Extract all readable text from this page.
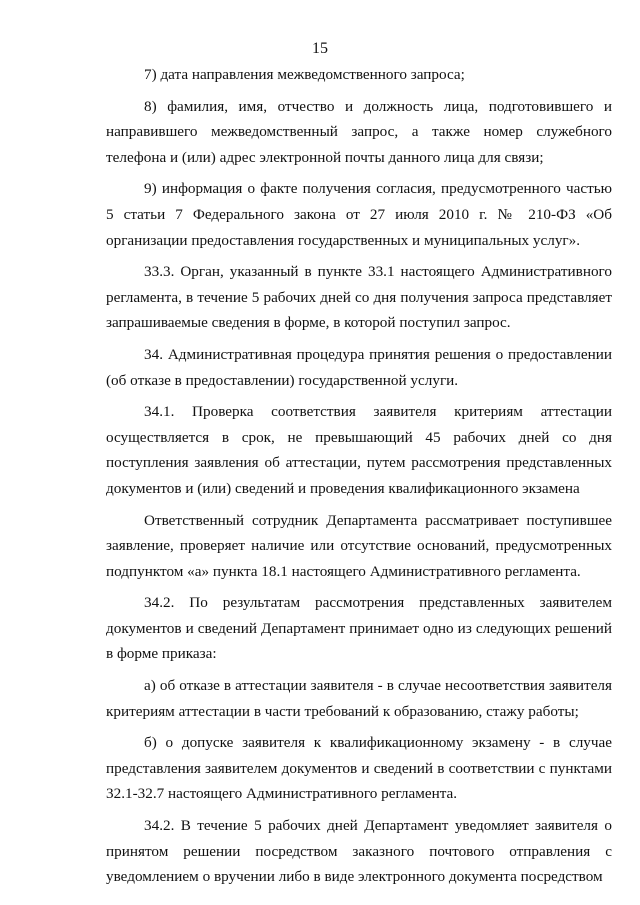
15

7) дата направления межведомственного запроса;

8) фамилия, имя, отчество и должность лица, подготовившего и направившего межведомственный запрос, а также номер служебного телефона и (или) адрес электронной почты данного лица для связи;

9) информация о факте получения согласия, предусмотренного частью 5 статьи 7 Федерального закона от 27 июля 2010 г. № 210-ФЗ «Об организации предоставления государственных и муниципальных услуг».

33.3. Орган, указанный в пункте 33.1 настоящего Административного регламента, в течение 5 рабочих дней со дня получения запроса представляет запрашиваемые сведения в форме, в которой поступил запрос.

34. Административная процедура принятия решения о предоставлении (об отказе в предоставлении) государственной услуги.

34.1. Проверка соответствия заявителя критериям аттестации осуществляется в срок, не превышающий 45 рабочих дней со дня поступления заявления об аттестации, путем рассмотрения представленных документов и (или) сведений и проведения квалификационного экзамена

Ответственный сотрудник Департамента рассматривает поступившее заявление, проверяет наличие или отсутствие оснований, предусмотренных подпунктом «а» пункта 18.1 настоящего Административного регламента.

34.2. По результатам рассмотрения представленных заявителем документов и сведений Департамент принимает одно из следующих решений в форме приказа:

а) об отказе в аттестации заявителя - в случае несоответствия заявителя критериям аттестации в части требований к образованию, стажу работы;

б) о допуске заявителя к квалификационному экзамену - в случае представления заявителем документов и сведений в соответствии с пунктами 32.1-32.7 настоящего Административного регламента.

34.2. В течение 5 рабочих дней Департамент уведомляет заявителя о принятом решении посредством заказного почтового отправления с уведомлением о вручении либо в виде электронного документа посредством
